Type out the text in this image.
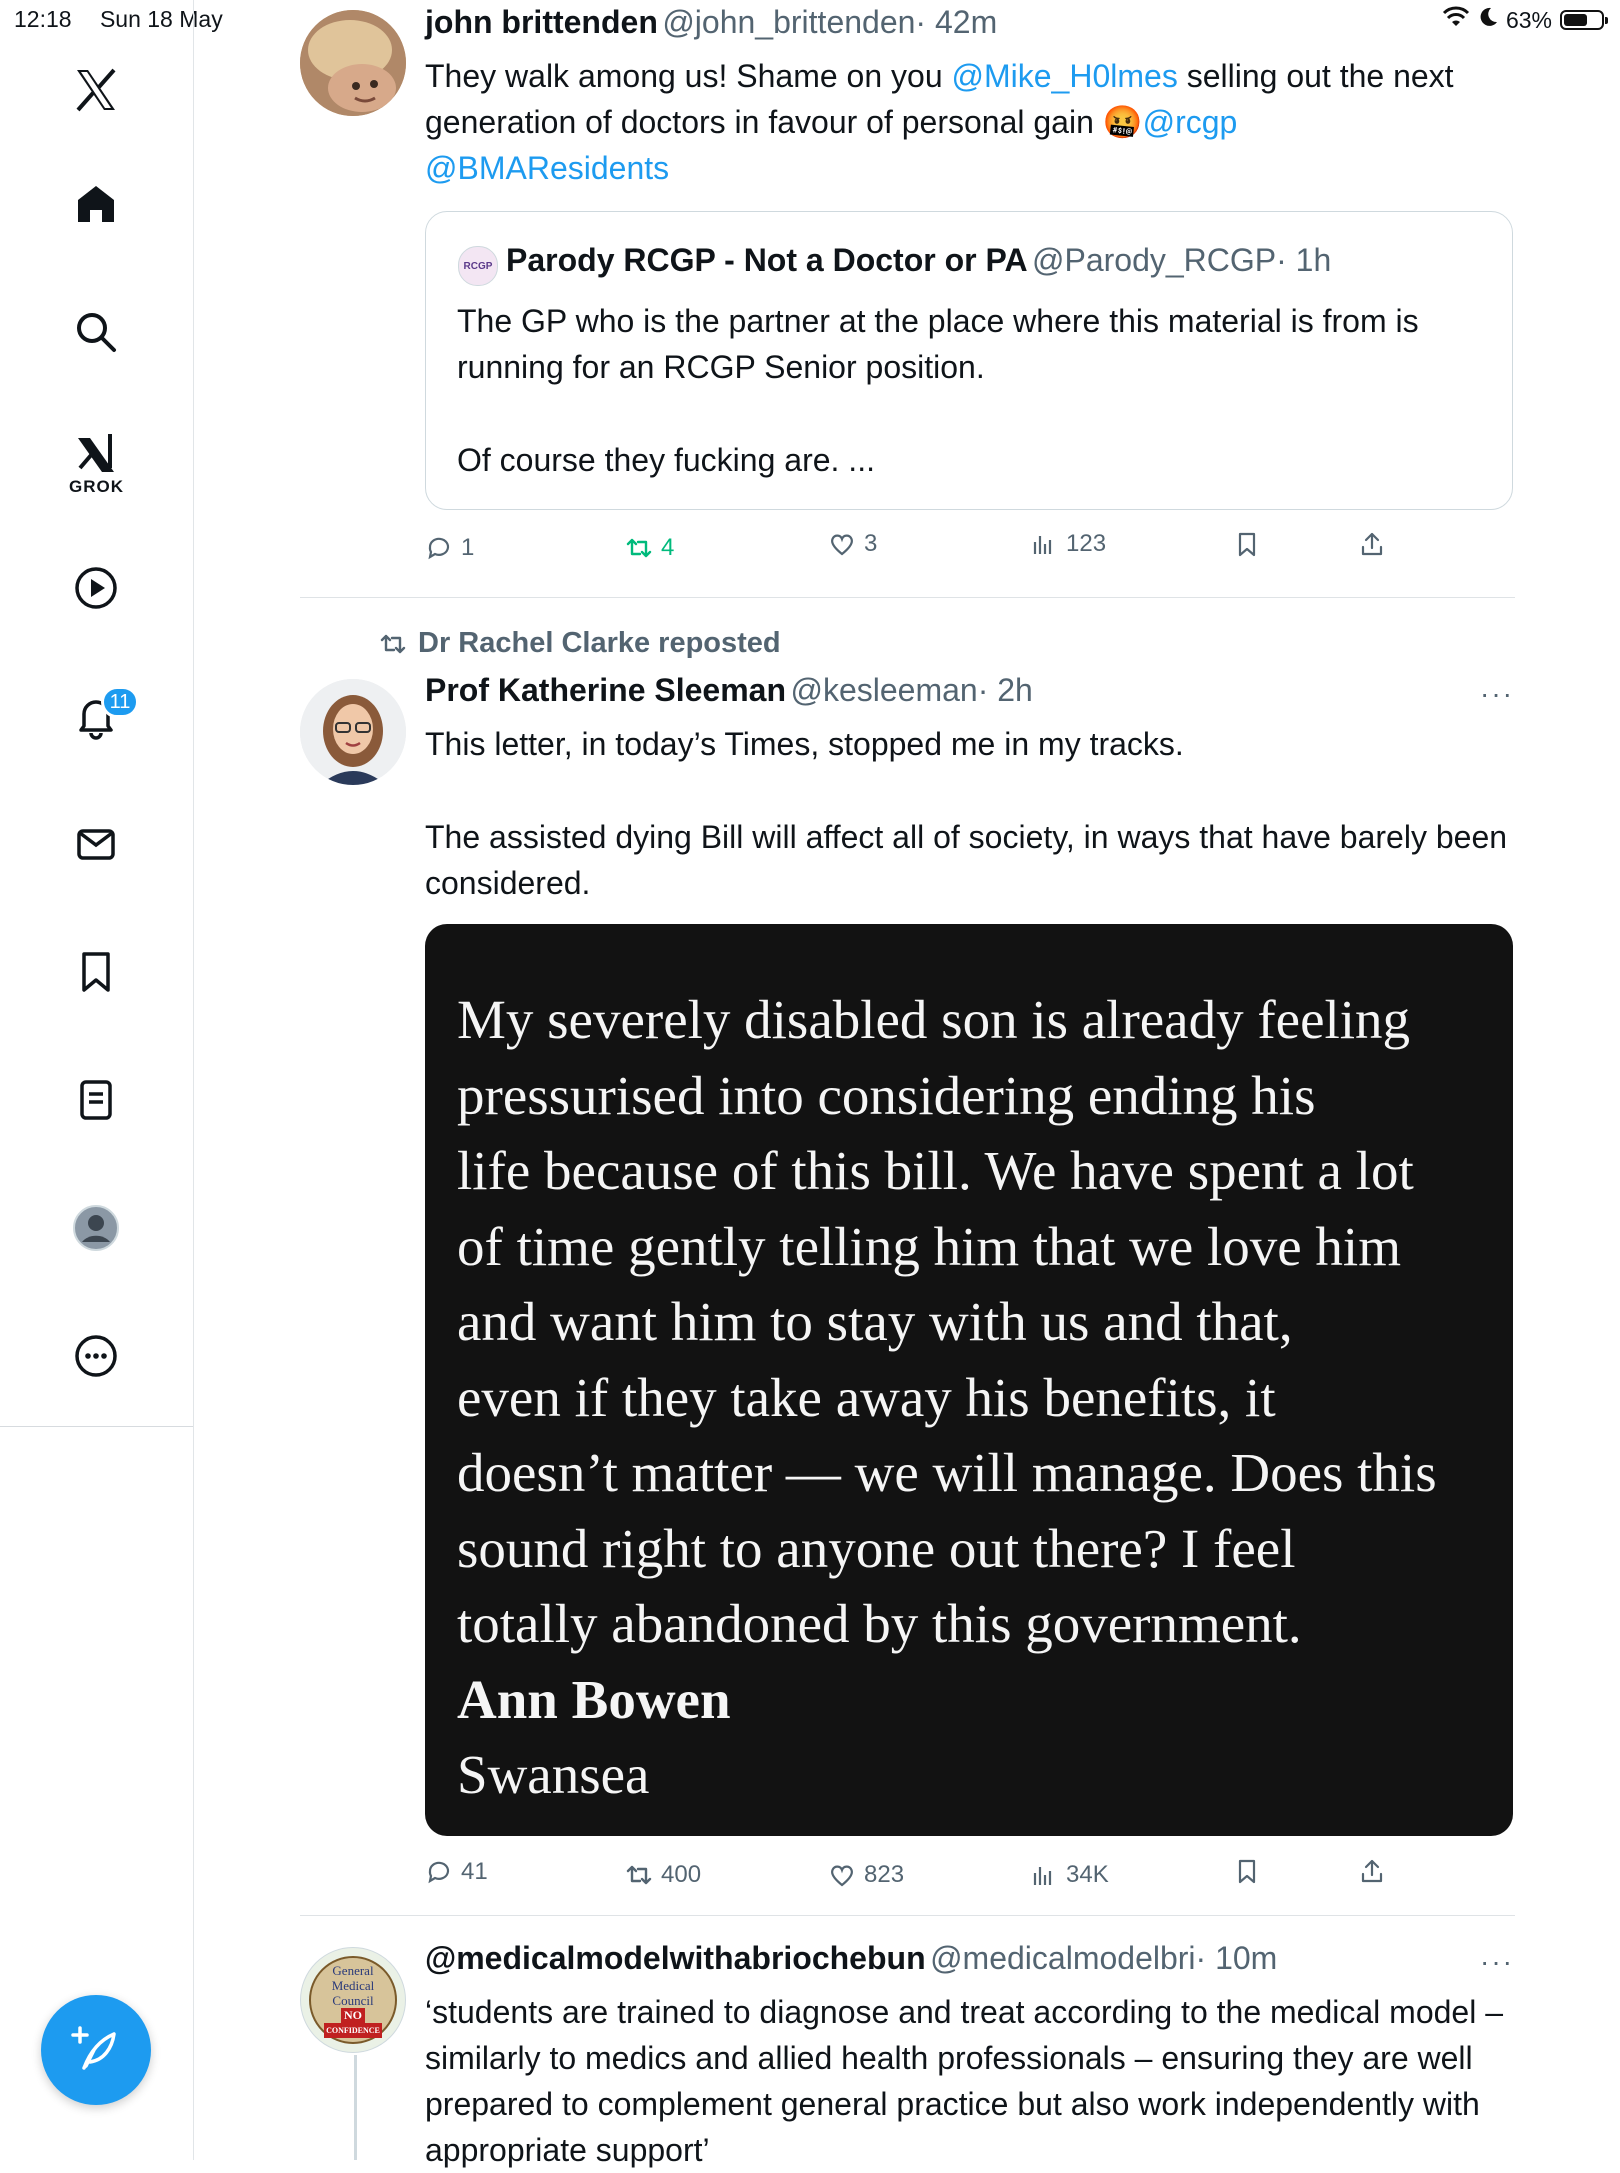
12:18 Sun 18 May	63%
GROK
11
john brittenden @john_brittenden· 42m
They walk among us! Shame on you @Mike_H0lmes selling out the next generation of doctors in favour of personal gain 🤬@rcgp
@BMAResidents
RCGP Parody RCGP - Not a Doctor or PA @Parody_RCGP· 1h
The GP who is the partner at the place where this material is from is running for an RCGP Senior position.
Of course they fucking are. ...
1	4	3	123
Dr Rachel Clarke reposted
Prof Katherine Sleeman @kesleeman· 2h	···
This letter, in today’s Times, stopped me in my tracks.
The assisted dying Bill will affect all of society, in ways that have barely been considered.
My severely disabled son is already feeling
pressurised into considering ending his
life because of this bill. We have spent a lot
of time gently telling him that we love him
and want him to stay with us and that,
even if they take away his benefits, it
doesn’t matter — we will manage. Does this
sound right to anyone out there? I feel
totally abandoned by this government.
Ann Bowen
Swansea
41	400	823	34K
General
Medical
Council
NO
CONFIDENCE
@medicalmodelwithabriochebun @medicalmodelbri· 10m	···
‘students are trained to diagnose and treat according to the medical model – similarly to medics and allied health professionals – ensuring they are well prepared to complement general practice but also work independently with appropriate support’
